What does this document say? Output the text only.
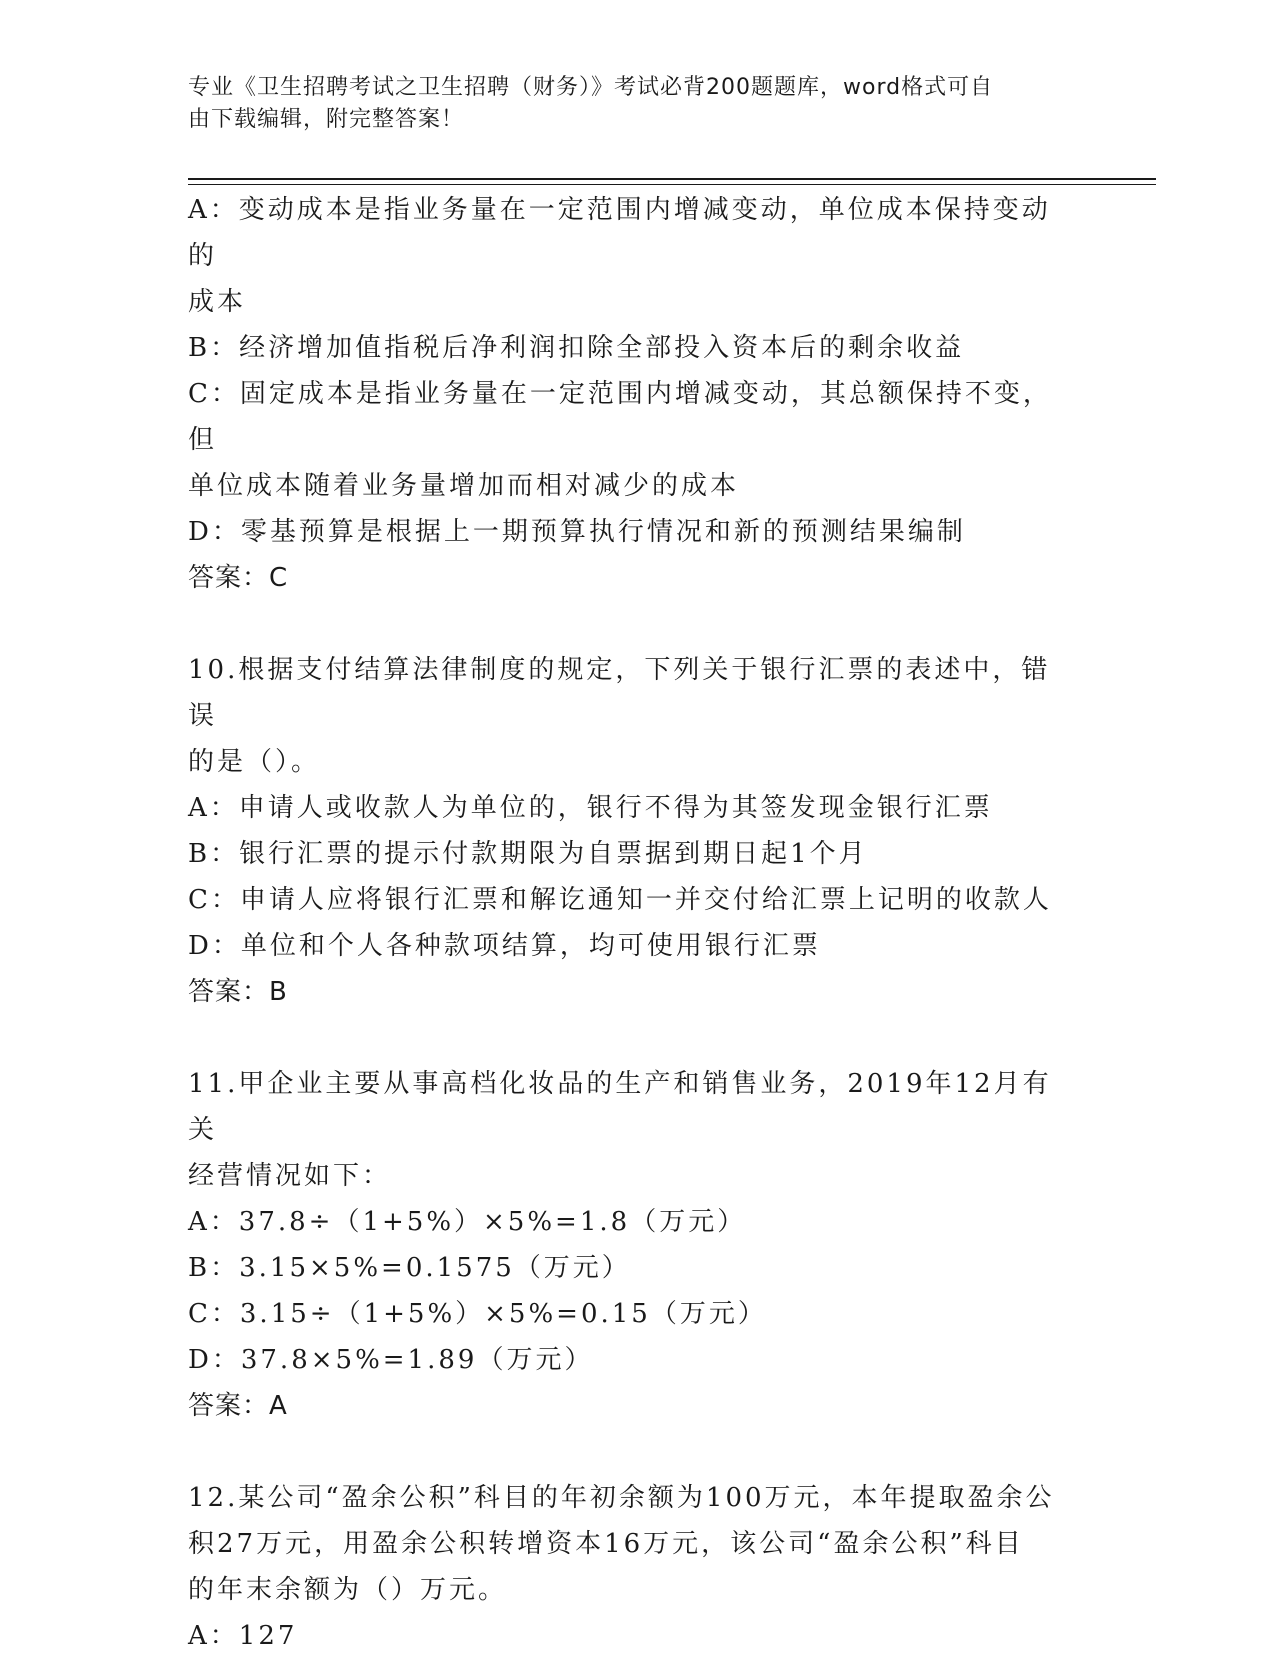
专业《卫生招聘考试之卫生招聘（财务）》考试必背200题题库，word格式可自
由下载编辑，附完整答案！
A：变动成本是指业务量在一定范围内增减变动，单位成本保持变动的
成本
B：经济增加值指税后净利润扣除全部投入资本后的剩余收益
C：固定成本是指业务量在一定范围内增减变动，其总额保持不变，但
单位成本随着业务量增加而相对减少的成本
D：零基预算是根据上一期预算执行情况和新的预测结果编制
答案：C
10.根据支付结算法律制度的规定，下列关于银行汇票的表述中，错误
的是（）。
A：申请人或收款人为单位的，银行不得为其签发现金银行汇票
B：银行汇票的提示付款期限为自票据到期日起1个月
C：申请人应将银行汇票和解讫通知一并交付给汇票上记明的收款人
D：单位和个人各种款项结算，均可使用银行汇票
答案：B
11.甲企业主要从事高档化妆品的生产和销售业务，2019年12月有关
经营情况如下：
A：37.8÷（1+5%）×5%=1.8（万元）
B：3.15×5%=0.1575（万元）
C：3.15÷（1+5%）×5%=0.15（万元）
D：37.8×5%=1.89（万元）
答案：A
12.某公司“盈余公积”科目的年初余额为100万元，本年提取盈余公
积27万元，用盈余公积转增资本16万元，该公司“盈余公积”科目
的年末余额为（）万元。
A：127
